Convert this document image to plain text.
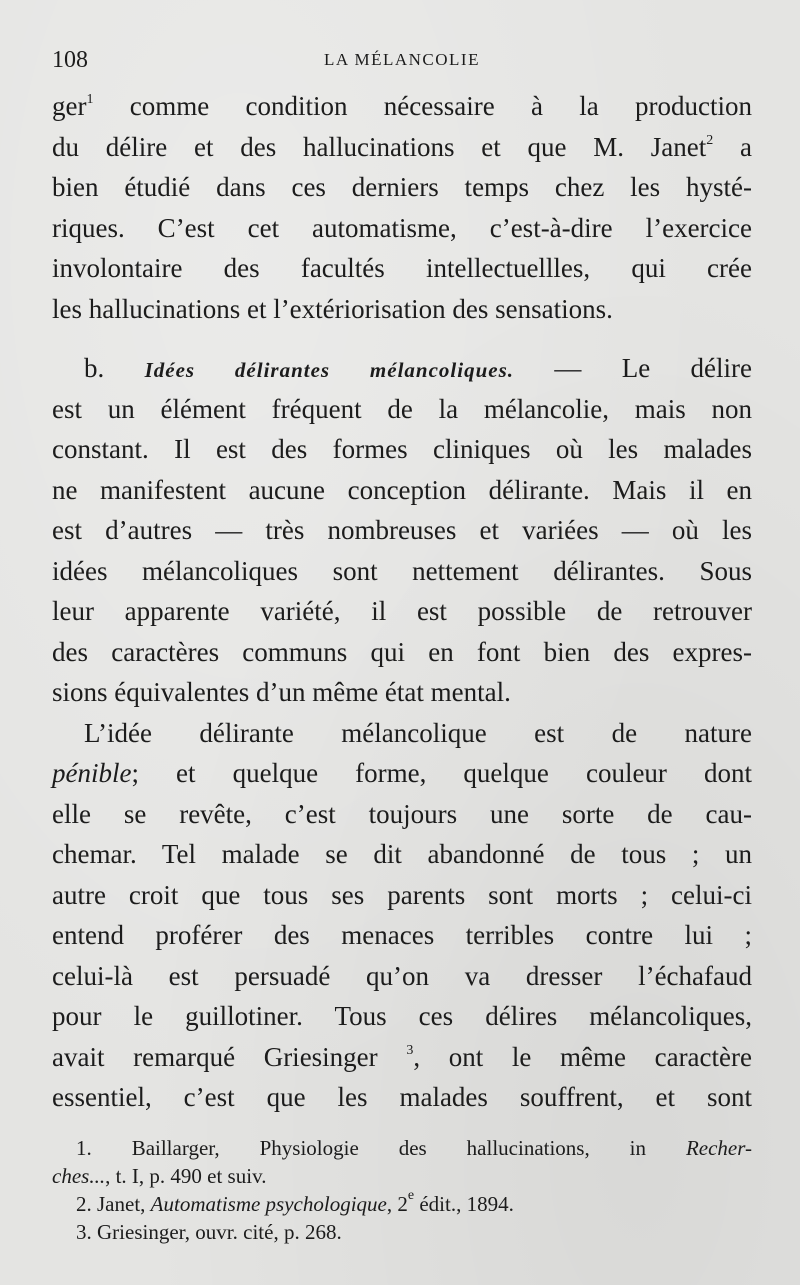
108	LA MÉLANCOLIE
ger$^1$ comme condition nécessaire à la production
du délire et des hallucinations et que M. Janet$^2$ a
bien étudié dans ces derniers temps chez les hysté-
riques. C’est cet automatisme, c’est-à-dire l’exercice
involontaire des facultés intellectuellles, qui crée
les hallucinations et l’extériorisation des sensations.
b. Idées délirantes mélancoliques. — Le délire
est un élément fréquent de la mélancolie, mais non
constant. Il est des formes cliniques où les malades
ne manifestent aucune conception délirante. Mais il en
est d’autres — très nombreuses et variées — où les
idées mélancoliques sont nettement délirantes. Sous
leur apparente variété, il est possible de retrouver
des caractères communs qui en font bien des expres-
sions équivalentes d’un même état mental.
L’idée délirante mélancolique est de nature
pénible; et quelque forme, quelque couleur dont
elle se revête, c’est toujours une sorte de cau-
chemar. Tel malade se dit abandonné de tous ; un
autre croit que tous ses parents sont morts ; celui-ci
entend proférer des menaces terribles contre lui ;
celui-là est persuadé qu’on va dresser l’échafaud
pour le guillotiner. Tous ces délires mélancoliques,
avait remarqué Griesinger $^3$, ont le même caractère
essentiel, c’est que les malades souffrent, et sont
1. Baillarger, Physiologie des hallucinations, in Recher-
ches..., t. I, p. 490 et suiv.
2. Janet, Automatisme psychologique, 2e édit., 1894.
3. Griesinger, ouvr. cité, p. 268.
